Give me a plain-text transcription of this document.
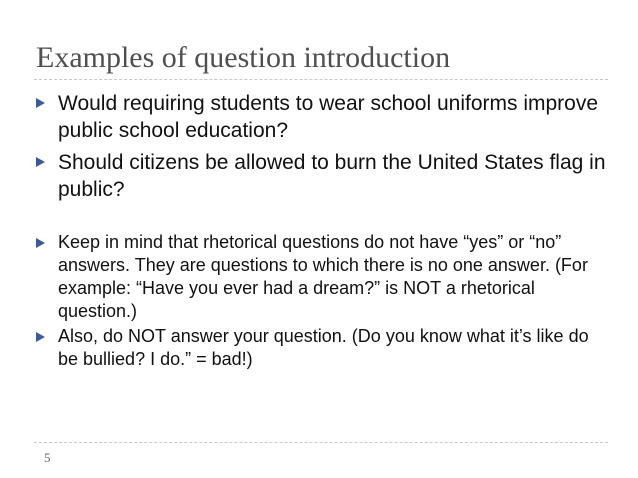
Examples of question introduction

Would requiring students to wear school uniforms improve public school education?

Should citizens be allowed to burn the United States flag in public?

Keep in mind that rhetorical questions do not have “yes” or “no” answers. They are questions to which there is no one answer. (For example: “Have you ever had a dream?” is NOT a rhetorical question.)

Also, do NOT answer your question. (Do you know what it’s like do be bullied? I do.” = bad!)

5
